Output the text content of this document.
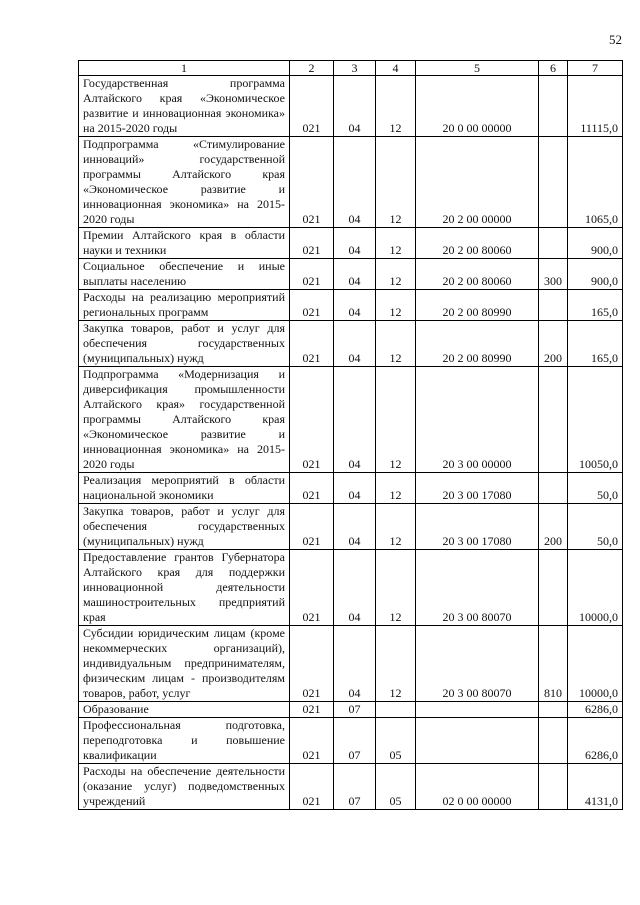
52
1	2	3	4	5	6	7
Государственная программа Алтайского края «Экономическое развитие и инновационная экономика» на 2015-2020 годы	021	04	12	20 0 00 00000		11115,0
Подпрограмма «Стимулирование инноваций» государственной программы Алтайского края «Экономическое развитие и инновационная экономика» на 2015-2020 годы	021	04	12	20 2 00 00000		1065,0
Премии Алтайского края в области науки и техники	021	04	12	20 2 00 80060		900,0
Социальное обеспечение и иные выплаты населению	021	04	12	20 2 00 80060	300	900,0
Расходы на реализацию мероприятий региональных программ	021	04	12	20 2 00 80990		165,0
Закупка товаров, работ и услуг для обеспечения государственных (муниципальных) нужд	021	04	12	20 2 00 80990	200	165,0
Подпрограмма «Модернизация и диверсификация промышленности Алтайского края» государственной программы Алтайского края «Экономическое развитие и инновационная экономика» на 2015-2020 годы	021	04	12	20 3 00 00000		10050,0
Реализация мероприятий в области национальной экономики	021	04	12	20 3 00 17080		50,0
Закупка товаров, работ и услуг для обеспечения государственных (муниципальных) нужд	021	04	12	20 3 00 17080	200	50,0
Предоставление грантов Губернатора Алтайского края для поддержки инновационной деятельности машиностроительных предприятий края	021	04	12	20 3 00 80070		10000,0
Субсидии юридическим лицам (кроме некоммерческих организаций), индивидуальным предпринимателям, физическим лицам - производителям товаров, работ, услуг	021	04	12	20 3 00 80070	810	10000,0
Образование	021	07				6286,0
Профессиональная подготовка, переподготовка и повышение квалификации	021	07	05			6286,0
Расходы на обеспечение деятельности (оказание услуг) подведомственных учреждений	021	07	05	02 0 00 00000		4131,0
